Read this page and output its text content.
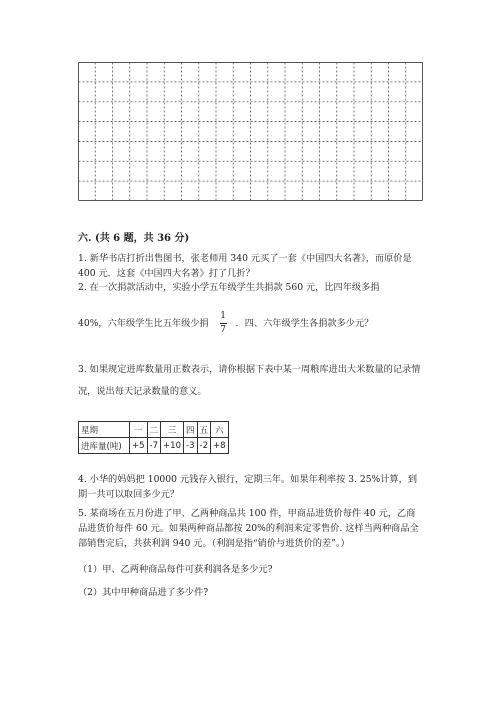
六. (共 6 题，共 36 分)

1. 新华书店打折出售图书，张老师用 340 元买了一套《中国四大名著》，而原价是 400 元．这套《中国四大名著》打了几折？

2. 在一次捐款活动中，实验小学五年级学生共捐款 560 元，比四年级多捐

40%，六年级学生比五年级少捐 $\frac{1}{7}$ ．四、六年级学生各捐款多少元？

3. 如果规定进库数量用正数表示，请你根据下表中某一周粮库进出大米数量的记录情况，说出每天记录数量的意义。

星期	一	二	三	四	五	六
进库量(吨)	+5	-7	+10	-3	-2	+8

4. 小华的妈妈把 10000 元钱存入银行，定期三年。如果年利率按 3. 25%计算，到期一共可以取回多少元？

5. 某商场在五月份进了甲、乙两种商品共 100 件，甲商品进货价每件 40 元，乙商品进货价每件 60 元。如果两种商品都按 20%的利润来定零售价. 这样当两种商品全部销售完后，共获利润 940 元。（利润是指“销价与进货价的差”。）

（1）甲、乙两种商品每件可获利润各是多少元?
（2）其中甲种商品进了多少件?
